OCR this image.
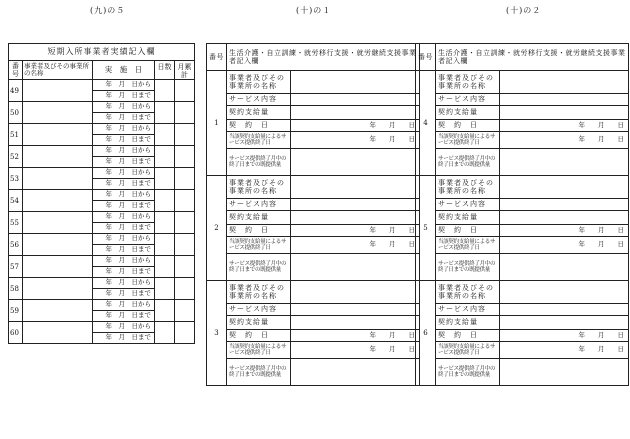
(九)の５	(十)の１	(十)の２
短期入所事業者実績記入欄				
番号	事業者及びその事業所の名称	実　施　日	日数	月累計
49		年　月　日から		
		年　月　日まで		
50		年　月　日から		
		年　月　日まで		
51		年　月　日から		
		年　月　日まで		
52		年　月　日から		
		年　月　日まで		
53		年　月　日から		
		年　月　日まで		
54		年　月　日から		
		年　月　日まで		
55		年　月　日から		
		年　月　日まで		
56		年　月　日から		
		年　月　日まで		
57		年　月　日から		
		年　月　日まで		
58		年　月　日から		
		年　月　日まで		
59		年　月　日から		
		年　月　日まで		
60		年　月　日から		
		年　月　日まで		
番号	生活介護・自立訓練・就労移行支援・就労継続支援事業者記入欄	
1	事業者及びその事業所の名称	
	サービス内容	
	契約支給量	
	契　約　日	年　　月　　日
	当該契約支給量によるサービス提供終了日	年　　月　　日
	サービス提供終了月中の終了日までの既提供量	
2	事業者及びその事業所の名称	
	サービス内容	
	契約支給量	
	契　約　日	年　　月　　日
	当該契約支給量によるサービス提供終了日	年　　月　　日
	サービス提供終了月中の終了日までの既提供量	
3	事業者及びその事業所の名称	
	サービス内容	
	契約支給量	
	契　約　日	年　　月　　日
	当該契約支給量によるサービス提供終了日	年　　月　　日
	サービス提供終了月中の終了日までの既提供量	
番号	生活介護・自立訓練・就労移行支援・就労継続支援事業者記入欄	
4	事業者及びその事業所の名称	
	サービス内容	
	契約支給量	
	契　約　日	年　　月　　日
	当該契約支給量によるサービス提供終了日	年　　月　　日
	サービス提供終了月中の終了日までの既提供量	
5	事業者及びその事業所の名称	
	サービス内容	
	契約支給量	
	契　約　日	年　　月　　日
	当該契約支給量によるサービス提供終了日	年　　月　　日
	サービス提供終了月中の終了日までの既提供量	
6	事業者及びその事業所の名称	
	サービス内容	
	契約支給量	
	契　約　日	年　　月　　日
	当該契約支給量によるサービス提供終了日	年　　月　　日
	サービス提供終了月中の終了日までの既提供量	
